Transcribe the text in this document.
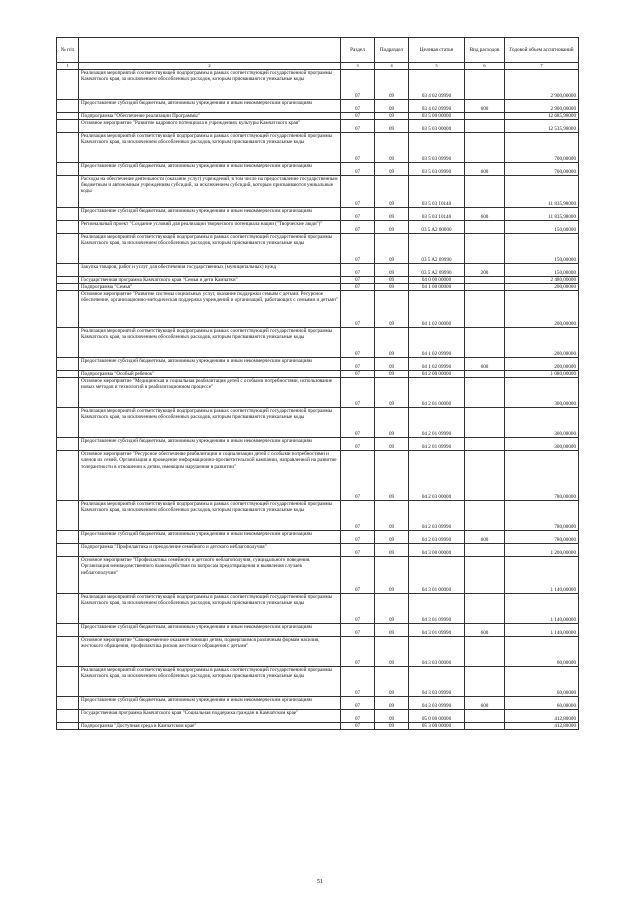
№ п/п		Раздел	Подраздел	Целевая статья	Вид расходов	Годовой объем ассигнований
1	2	3	4	5	6	7
	Реализация мероприятий соответствующей подпрограммы в рамках соответствующей государственной программы Камчатского края, за исключением обособленных расходов, которым присваиваются уникальные коды	07	09	03 4 02 09990		2 900,00000
	Предоставление субсидий бюджетным, автономным учреждениям и иным некоммерческим организациям	07	09	03 4 02 09990	600	2 900,00000
	Подпрограмма "Обеспечение реализации Программы"	07	09	03 5 00 00000		12 685,98000
	Основное мероприятие "Развитие кадрового потенциала в учреждениях культуры Камчатского края"	07	09	03 5 03 00000		12 535,98000
	Реализация мероприятий соответствующей подпрограммы в рамках соответствующей государственной программы Камчатского края, за исключением обособленных расходов, которым присваиваются уникальные коды	07	09	03 5 03 09990		700,00000
	Предоставление субсидий бюджетным, автономным учреждениям и иным некоммерческим организациям	07	09	03 5 03 09990	600	700,00000
	Расходы на обеспечение деятельности (оказание услуг) учреждений, в том числе на предоставление государственным бюджетным и автономным учреждениям субсидий, за исключением субсидий, которым присваиваются уникальные коды	07	09	03 5 03 10140		11 835,98000
	Предоставление субсидий бюджетным, автономным учреждениям и иным некоммерческим организациям	07	09	03 5 03 10140	600	11 835,98000
	Региональный проект "Создание условий для реализации творческого потенциала нации ("Творческие люди")"	07	09	03 5 A2 00000		150,00000
	Реализация мероприятий соответствующей подпрограммы в рамках соответствующей государственной программы Камчатского края, за исключением обособленных расходов, которым присваиваются уникальные коды	07	09	03 5 A2 09990		150,00000
	Закупка товаров, работ и услуг для обеспечения государственных (муниципальных) нужд	07	09	03 5 A2 09990	200	150,00000
	Государственная программа Камчатского края "Семья и дети Камчатки"	07	09	04 0 00 00000		2 480,00000
	Подпрограмма "Семья"	07	09	04 1 00 00000		200,00000
	Основное мероприятие "Развитие системы социальных услуг, оказание поддержки семьям с детьми. Ресурсное обеспечение, организационно-методическая поддержка учреждений и организаций, работающих с семьями и детьми"	07	09	04 1 02 00000		200,00000
	Реализация мероприятий соответствующей подпрограммы в рамках соответствующей государственной программы Камчатского края, за исключением обособленных расходов, которым присваиваются уникальные коды	07	09	04 1 02 09990		200,00000
	Предоставление субсидий бюджетным, автономным учреждениям и иным некоммерческим организациям	07	09	04 1 02 09990	600	200,00000
	Подпрограмма "Особый ребенок"	07	09	04 2 00 00000		1 080,00000
	Основное мероприятие "Медицинская и социальная реабилитация детей с особыми потребностями, использование новых методов и технологий в реабилитационном процессе"	07	09	04 2 01 00000		300,00000
	Реализация мероприятий соответствующей подпрограммы в рамках соответствующей государственной программы Камчатского края, за исключением обособленных расходов, которым присваиваются уникальные коды	07	09	04 2 01 09990		300,00000
	Предоставление субсидий бюджетным, автономным учреждениям и иным некоммерческим организациям	07	09	04 2 01 09990		300,00000
	Основное мероприятие "Ресурсное обеспечение реабилитации и социализации детей с особыми потребностями и членов их семей. Организация и проведение информационно-просветительской кампании, направленной на развитие толерантности в отношении к детям, имеющим нарушения в развитии"	07	09	04 2 03 00000		780,00000
	Реализация мероприятий соответствующей подпрограммы в рамках соответствующей государственной программы Камчатского края, за исключением обособленных расходов, которым присваиваются уникальные коды	07	09	04 2 03 09990		780,00000
	Предоставление субсидий бюджетным, автономным учреждениям и иным некоммерческим организациям	07	09	04 2 03 09990	600	780,00000
	Подпрограмма "Профилактика и преодоление семейного и детского неблагополучия"	07	09	04 3 00 00000		1 200,00000
	Основное мероприятие "Профилактика семейного и детского неблагополучия, суицидального поведения. Организация межведомственного взаимодействия по вопросам предотвращения и выявления случаев неблагополучия"	07	09	04 3 01 00000		1 140,00000
	Реализация мероприятий соответствующей подпрограммы в рамках соответствующей государственной программы Камчатского края, за исключением обособленных расходов, которым присваиваются уникальные коды	07	09	04 3 01 09990		1 140,00000
	Предоставление субсидий бюджетным, автономным учреждениям и иным некоммерческим организациям	07	09	04 3 01 09990	600	1 140,00000
	Основное мероприятие "Своевременное оказание помощи детям, подвергшимся различным формам насилия, жестокого обращения, профилактика рисков жестокого обращения с детьми"	07	09	04 3 03 00000		60,00000
	Реализация мероприятий соответствующей подпрограммы в рамках соответствующей государственной программы Камчатского края, за исключением обособленных расходов, которым присваиваются уникальные коды	07	09	04 3 03 09990		60,00000
	Предоставление субсидий бюджетным, автономным учреждениям и иным некоммерческим организациям	07	09	04 3 03 09990	600	60,00000
	Государственная программа Камчатского края "Социальная поддержка граждан в Камчатском крае"	07	09	05 0 00 00000		412,80000
	Подпрограмма "Доступная среда в Камчатском крае"	07	09	05 3 00 00000		412,80000
51
